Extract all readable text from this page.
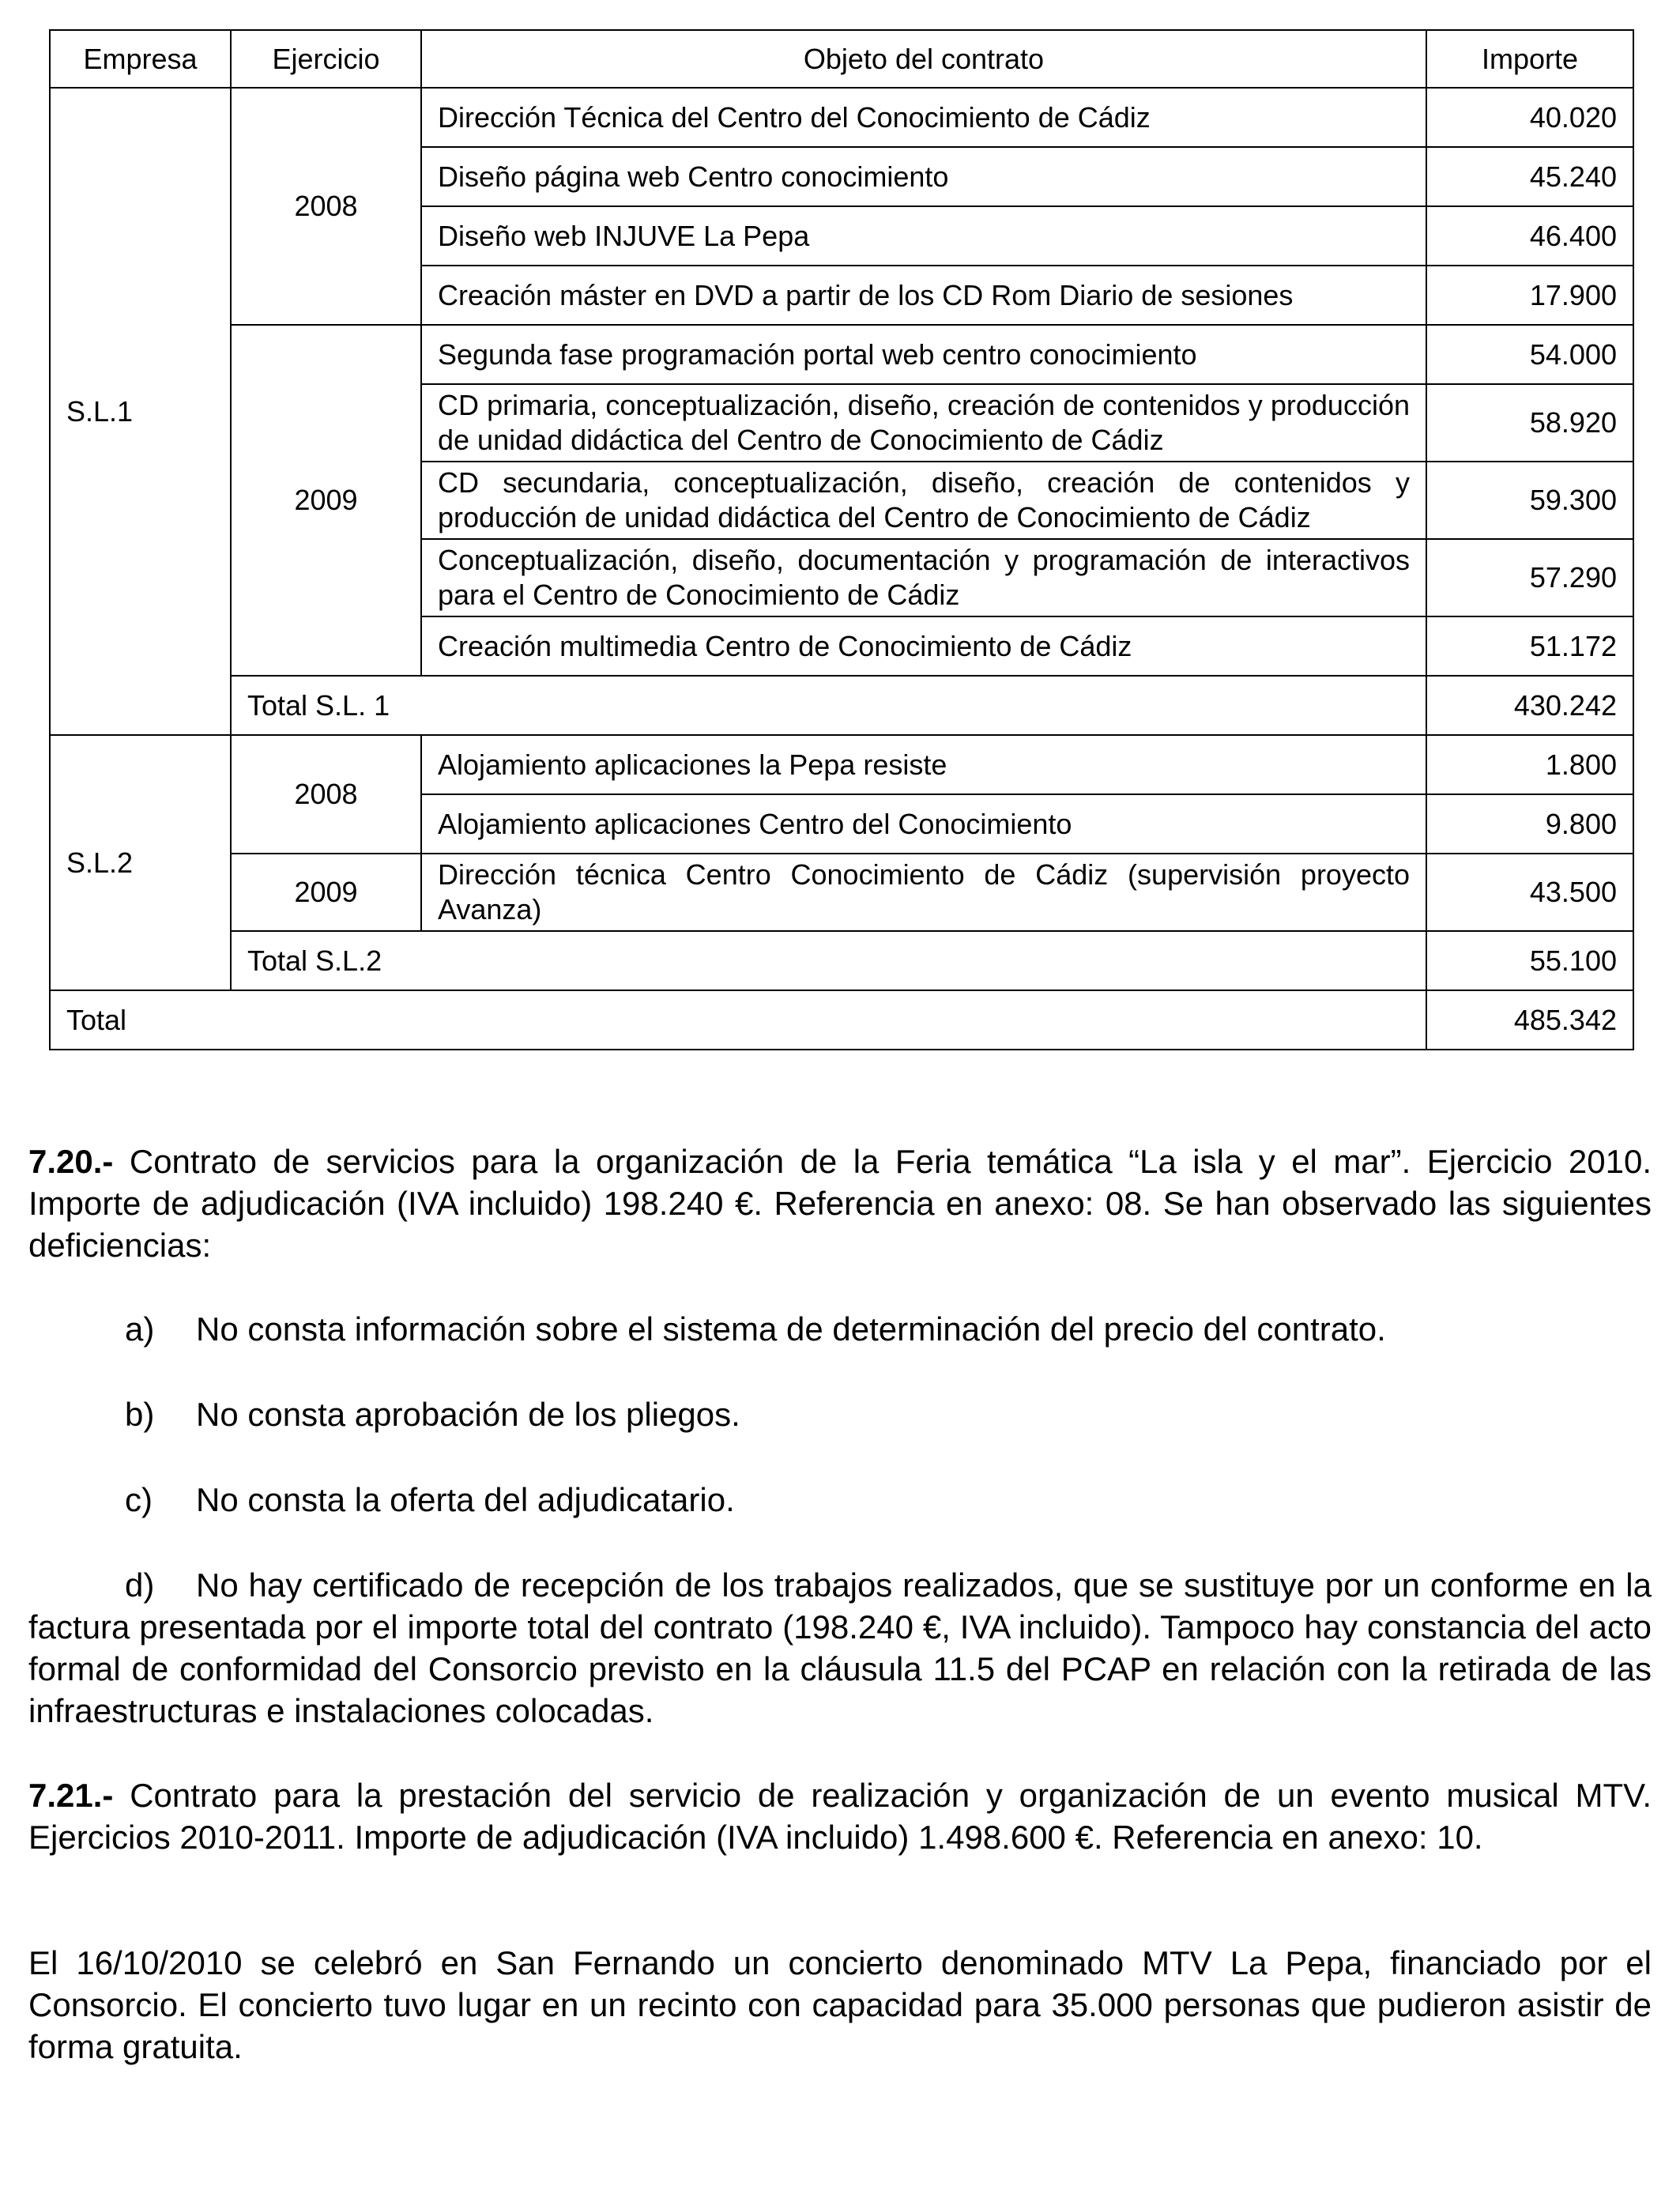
Empresa	Ejercicio	Objeto del contrato	Importe
S.L.1	2008	Dirección Técnica del Centro del Conocimiento de Cádiz	40.020
		Diseño página web Centro conocimiento	45.240
		Diseño web INJUVE La Pepa	46.400
		Creación máster en DVD a partir de los CD Rom Diario de sesiones	17.900
	2009	Segunda fase programación portal web centro conocimiento	54.000
		CD primaria, conceptualización, diseño, creación de contenidos y producción de unidad didáctica del Centro de Conocimiento de Cádiz	58.920
		CD secundaria, conceptualización, diseño, creación de contenidos y producción de unidad didáctica del Centro de Conocimiento de Cádiz	59.300
		Conceptualización, diseño, documentación y programación de interactivos para el Centro de Conocimiento de Cádiz	57.290
		Creación multimedia Centro de Conocimiento de Cádiz	51.172
	Total S.L. 1		430.242
S.L.2	2008	Alojamiento aplicaciones la Pepa resiste	1.800
		Alojamiento aplicaciones Centro del Conocimiento	9.800
	2009	Dirección técnica Centro Conocimiento de Cádiz (supervisión proyecto Avanza)	43.500
	Total S.L.2		55.100
Total			485.342
7.20.- Contrato de servicios para la organización de la Feria temática “La isla y el mar”. Ejercicio 2010. Importe de adjudicación (IVA incluido) 198.240 €. Referencia en anexo: 08. Se han observado las siguientes deficiencias:
a) No consta información sobre el sistema de determinación del precio del contrato.
b) No consta aprobación de los pliegos.
c) No consta la oferta del adjudicatario.
d) No hay certificado de recepción de los trabajos realizados, que se sustituye por un conforme en la factura presentada por el importe total del contrato (198.240 €, IVA incluido). Tampoco hay constancia del acto formal de conformidad del Consorcio previsto en la cláusula 11.5 del PCAP en relación con la retirada de las infraestructuras e instalaciones colocadas.
7.21.- Contrato para la prestación del servicio de realización y organización de un evento musical MTV. Ejercicios 2010-2011. Importe de adjudicación (IVA incluido) 1.498.600 €. Referencia en anexo: 10.
El 16/10/2010 se celebró en San Fernando un concierto denominado MTV La Pepa, financiado por el Consorcio. El concierto tuvo lugar en un recinto con capacidad para 35.000 personas que pudieron asistir de forma gratuita.
